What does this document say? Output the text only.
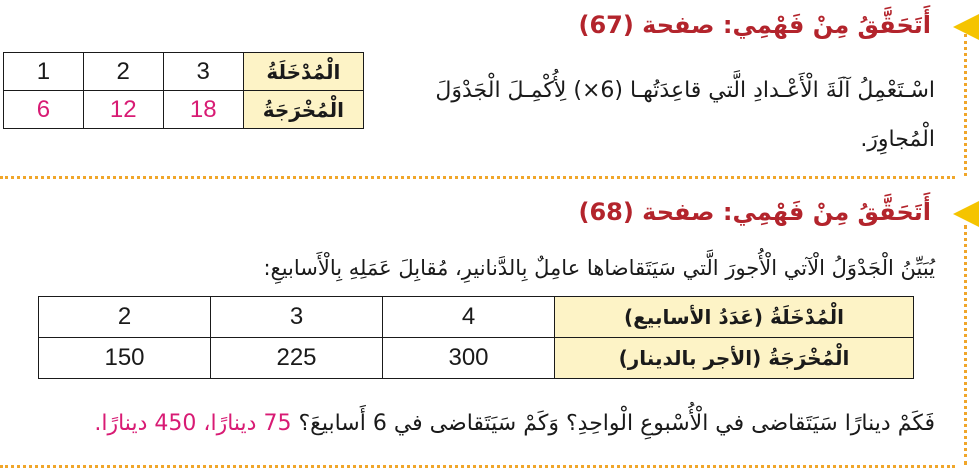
أَتَحَقَّقُ مِنْ فَهْمِي: صفحة (67)
1	2	3	الْمُدْخَلَةُ
6	12	18	الْمُخْرَجَةُ
اسْـتَعْمِلُ آلَةَ الْأَعْـدادِ الَّتي قاعِدَتُهـا (6×) لِأُكْمِـلَ الْجَدْوَلَ
الْمُجاوِرَ.
أَتَحَقَّقُ مِنْ فَهْمِي: صفحة (68)
يُبَيِّنُ الْجَدْوَلُ الْآتي الْأُجورَ الَّتي سَيَتَقاضاها عامِلٌ بِالدَّنانيرِ، مُقابِلَ عَمَلِهِ بِالْأَسابيعِ:
2	3	4	الْمُدْخَلَةُ (عَدَدُ الأسابيع)
150	225	300	الْمُخْرَجَةُ (الأجر بالدينار)
فَكَمْ دينارًا سَيَتَقاضى في الْأُسْبوعِ الْواحِدِ؟ وَكَمْ سَيَتَقاضى في 6 أَسابيعَ؟ 75 دينارًا، 450 دينارًا.
